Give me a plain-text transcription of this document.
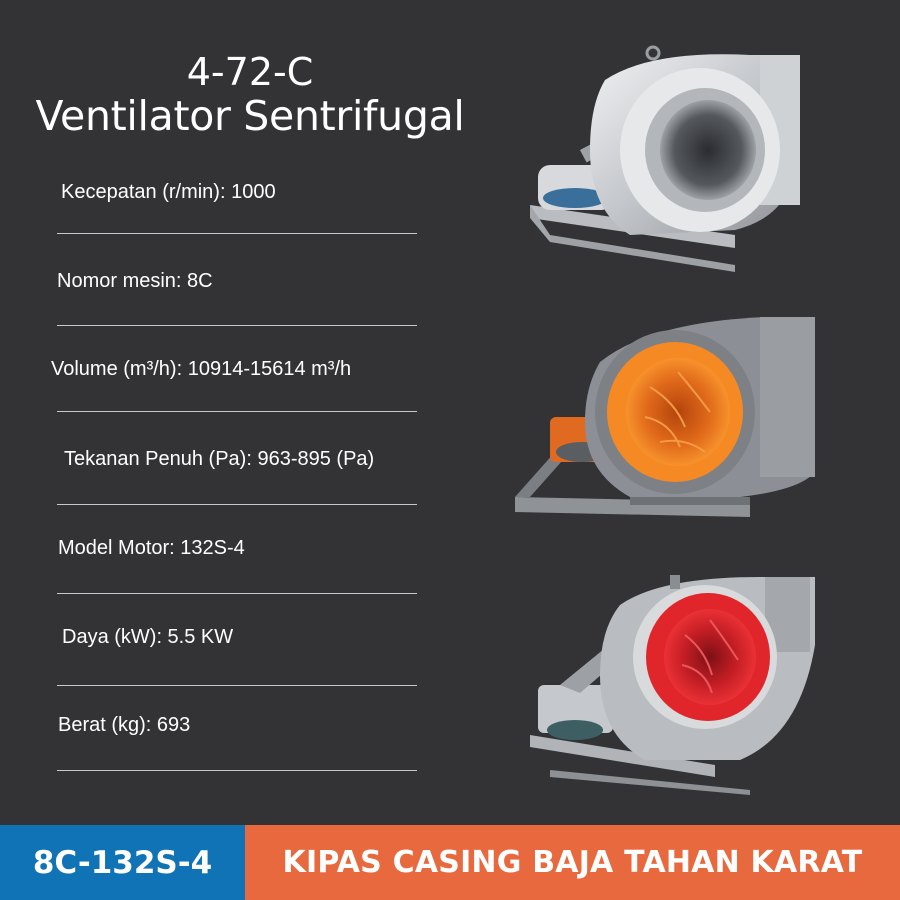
4-72-C
Ventilator Sentrifugal
Kecepatan (r/min): 1000
Nomor mesin: 8C
Volume (m³/h): 10914-15614 m³/h
Tekanan Penuh (Pa): 963-895 (Pa)
Model Motor: 132S-4
Daya (kW): 5.5 KW
Berat (kg): 693
8C-132S-4 KIPAS CASING BAJA TAHAN KARAT
